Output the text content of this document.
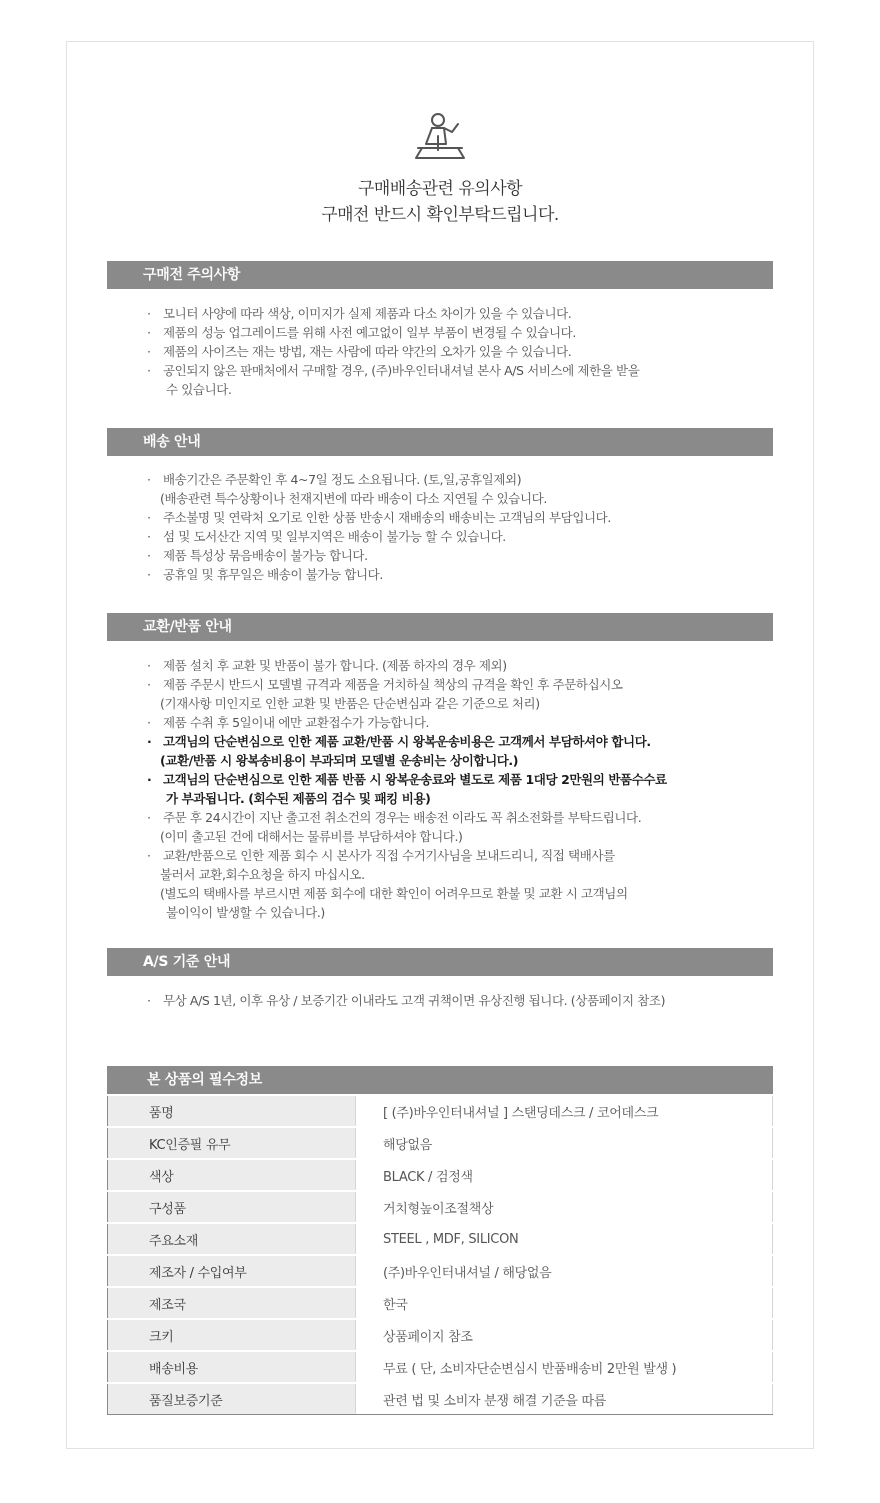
구매배송관련 유의사항
구매전 반드시 확인부탁드립니다.
구매전 주의사항
· 모니터 사양에 따라 색상, 이미지가 실제 제품과 다소 차이가 있을 수 있습니다.
· 제품의 성능 업그레이드를 위해 사전 예고없이 일부 부품이 변경될 수 있습니다.
· 제품의 사이즈는 재는 방법, 재는 사람에 따라 약간의 오차가 있을 수 있습니다.
· 공인되지 않은 판매처에서 구매할 경우, (주)바우인터내셔널 본사 A/S 서비스에 제한을 받을
수 있습니다.
배송 안내
· 배송기간은 주문확인 후 4~7일 정도 소요됩니다. (토,일,공휴일제외)
(배송관련 특수상황이나 천재지변에 따라 배송이 다소 지연될 수 있습니다.
· 주소불명 및 연락처 오기로 인한 상품 반송시 재배송의 배송비는 고객님의 부담입니다.
· 섬 및 도서산간 지역 및 일부지역은 배송이 불가능 할 수 있습니다.
· 제품 특성상 묶음배송이 불가능 합니다.
· 공휴일 및 휴무일은 배송이 불가능 합니다.
교환/반품 안내
· 제품 설치 후 교환 및 반품이 불가 합니다. (제품 하자의 경우 제외)
· 제품 주문시 반드시 모델별 규격과 제품을 거치하실 책상의 규격을 확인 후 주문하십시오
(기재사항 미인지로 인한 교환 및 반품은 단순변심과 같은 기준으로 처리)
· 제품 수취 후 5일이내 에만 교환접수가 가능합니다.
· 고객님의 단순변심으로 인한 제품 교환/반품 시 왕복운송비용은 고객께서 부담하셔야 합니다.
(교환/반품 시 왕복송비용이 부과되며 모델별 운송비는 상이합니다.)
· 고객님의 단순변심으로 인한 제품 반품 시 왕복운송료와 별도로 제품 1대당 2만원의 반품수수료
가 부과됩니다. (회수된 제품의 검수 및 패킹 비용)
· 주문 후 24시간이 지난 출고전 취소건의 경우는 배송전 이라도 꼭 취소전화를 부탁드립니다.
(이미 출고된 건에 대해서는 물류비를 부담하셔야 합니다.)
· 교환/반품으로 인한 제품 회수 시 본사가 직접 수거기사님을 보내드리니, 직접 택배사를
불러서 교환,회수요청을 하지 마십시오.
(별도의 택배사를 부르시면 제품 회수에 대한 확인이 어려우므로 환불 및 교환 시 고객님의
불이익이 발생할 수 있습니다.)
A/S 기준 안내
· 무상 A/S 1년, 이후 유상 / 보증기간 이내라도 고객 귀책이면 유상진행 됩니다. (상품페이지 참조)
본 상품의 필수정보
품명	[ (주)바우인터내셔널 ] 스탠딩데스크 / 코어데스크
KC인증필 유무	해당없음
색상	BLACK / 검정색
구성품	거치형높이조절책상
주요소재	STEEL , MDF, SILICON
제조자 / 수입여부	(주)바우인터내셔널 / 해당없음
제조국	한국
크키	상품페이지 참조
배송비용	무료 ( 단, 소비자단순변심시 반품배송비 2만원 발생 )
품질보증기준	관련 법 및 소비자 분쟁 해결 기준을 따름
